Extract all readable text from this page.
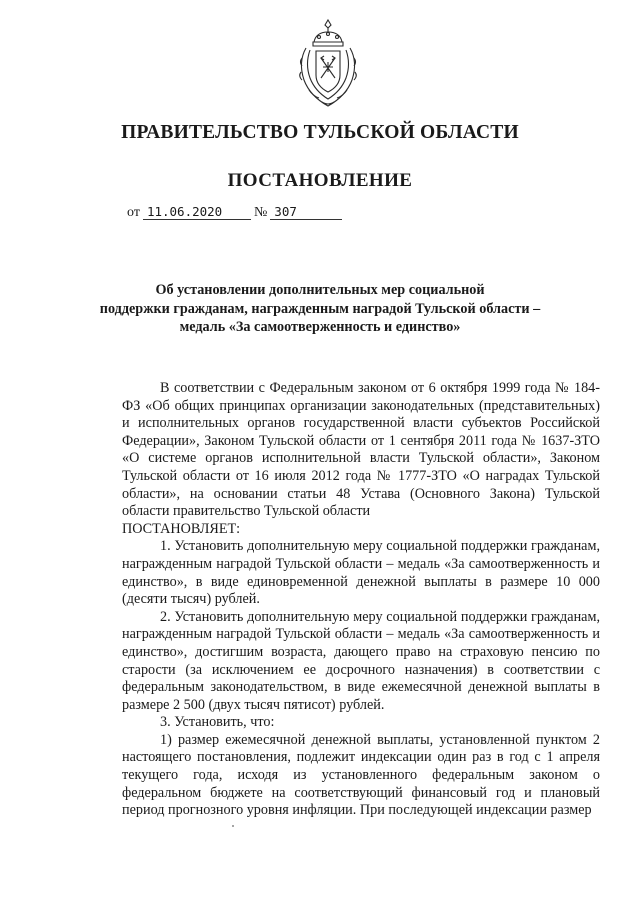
ПРАВИТЕЛЬСТВО ТУЛЬСКОЙ ОБЛАСТИ
ПОСТАНОВЛЕНИЕ
от 11.06.2020 № 307
Об установлении дополнительных мер социальной
поддержки гражданам, награжденным наградой Тульской области –
медаль «За самоотверженность и единство»

В соответствии с Федеральным законом от 6 октября 1999 года № 184-ФЗ «Об общих принципах организации законодательных (представительных) и исполнительных органов государственной власти субъектов Российской Федерации», Законом Тульской области от 1 сентября 2011 года № 1637-ЗТО «О системе органов исполнительной власти Тульской области», Законом Тульской области от 16 июля 2012 года № 1777-ЗТО «О наградах Тульской области», на основании статьи 48 Устава (Основного Закона) Тульской области правительство Тульской области

ПОСТАНОВЛЯЕТ:

1. Установить дополнительную меру социальной поддержки гражданам, награжденным наградой Тульской области – медаль «За самоотверженность и единство», в виде единовременной денежной выплаты в размере 10 000 (десяти тысяч) рублей.

2. Установить дополнительную меру социальной поддержки гражданам, награжденным наградой Тульской области – медаль «За самоотверженность и единство», достигшим возраста, дающего право на страховую пенсию по старости (за исключением ее досрочного назначения) в соответствии с федеральным законодательством, в виде ежемесячной денежной выплаты в размере 2 500 (двух тысяч пятисот) рублей.

3. Установить, что:

1) размер ежемесячной денежной выплаты, установленной пунктом 2 настоящего постановления, подлежит индексации один раз в год с 1 апреля текущего года, исходя из установленного федеральным законом о федеральном бюджете на соответствующий финансовый год и плановый период прогнозного уровня инфляции. При последующей индексации размер
